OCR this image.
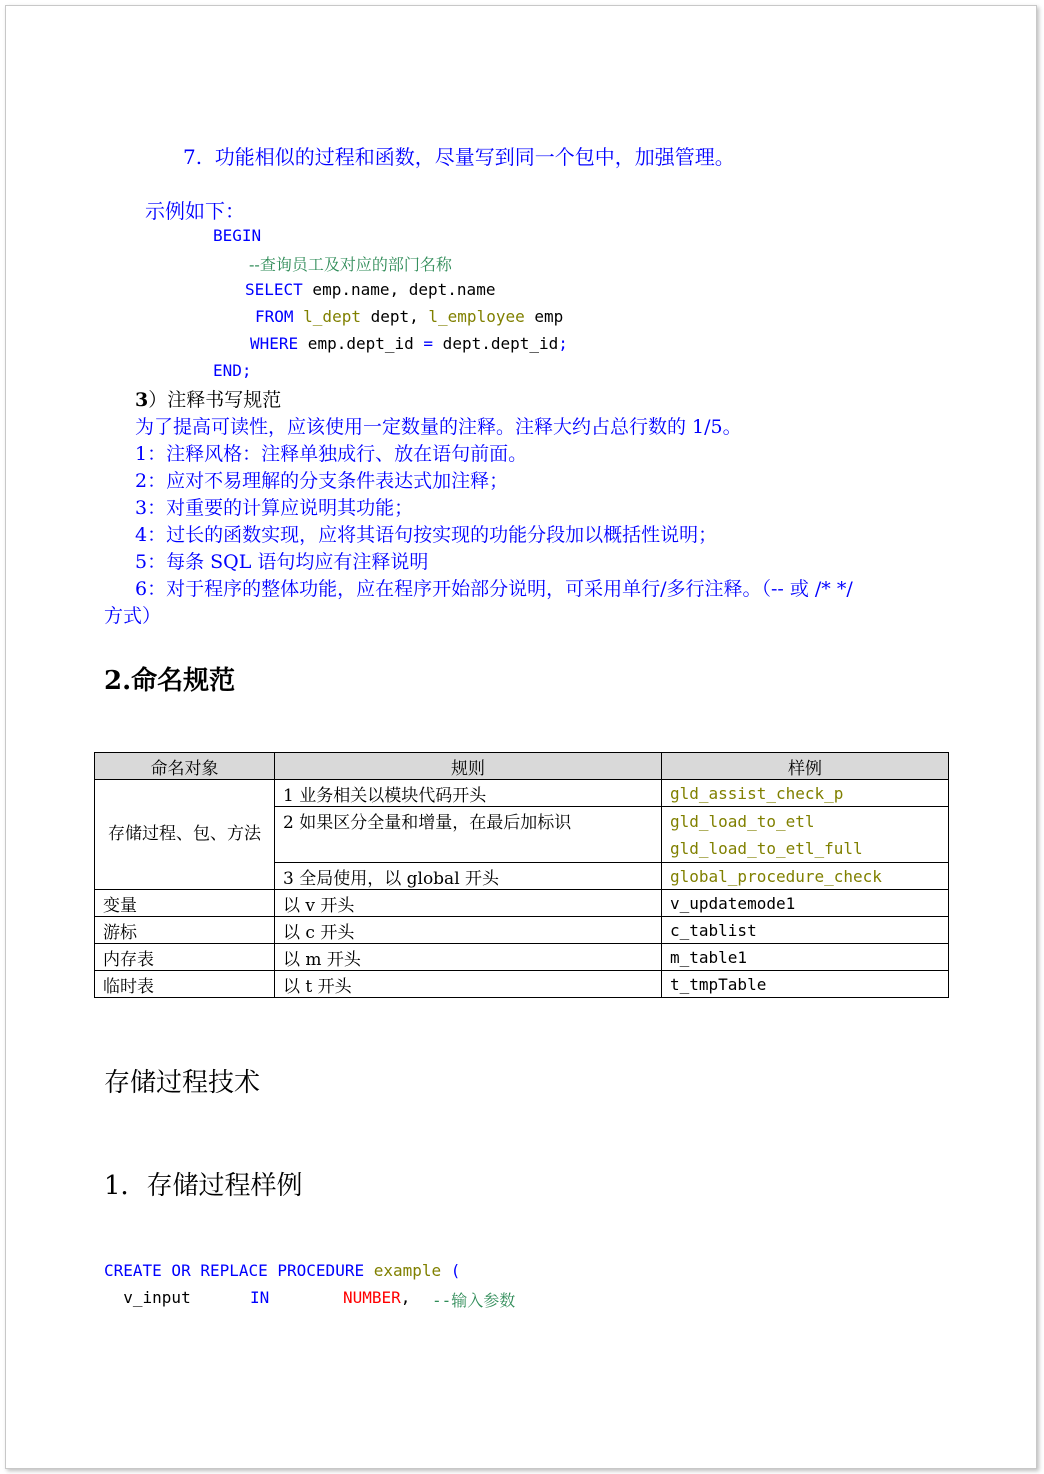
7.  功能相似的过程和函数，尽量写到同一个包中，加强管理。
示例如下：
BEGIN
--查询员工及对应的部门名称
SELECT emp.name, dept.name
FROM l_dept dept, l_employee emp
WHERE emp.dept_id = dept.dept_id;
END;
3）注释书写规范
为了提高可读性，应该使用一定数量的注释。注释大约占总行数的 1/5。
1：注释风格：注释单独成行、放在语句前面。
2：应对不易理解的分支条件表达式加注释；
3：对重要的计算应说明其功能；
4：过长的函数实现，应将其语句按实现的功能分段加以概括性说明；
5：每条 SQL 语句均应有注释说明
6：对于程序的整体功能，应在程序开始部分说明，可采用单行/多行注释。（-- 或 /* */
方式）
2.命名规范
命名对象	规则	样例
存储过程、包、方法	1 业务相关以模块代码开头	gld_assist_check_p
	2 如果区分全量和增量，在最后加标识	gld_load_to_etl
gld_load_to_etl_full

	3 全局使用，以 global 开头	global_procedure_check
变量	以 v 开头	v_updatemode1
游标	以 c 开头	c_tablist
内存表	以 m 开头	m_table1
临时表	以 t 开头	t_tmpTable
存储过程技术
1．存储过程样例
CREATE OR REPLACE PROCEDURE example (
v_input	IN	NUMBER, --输入参数
